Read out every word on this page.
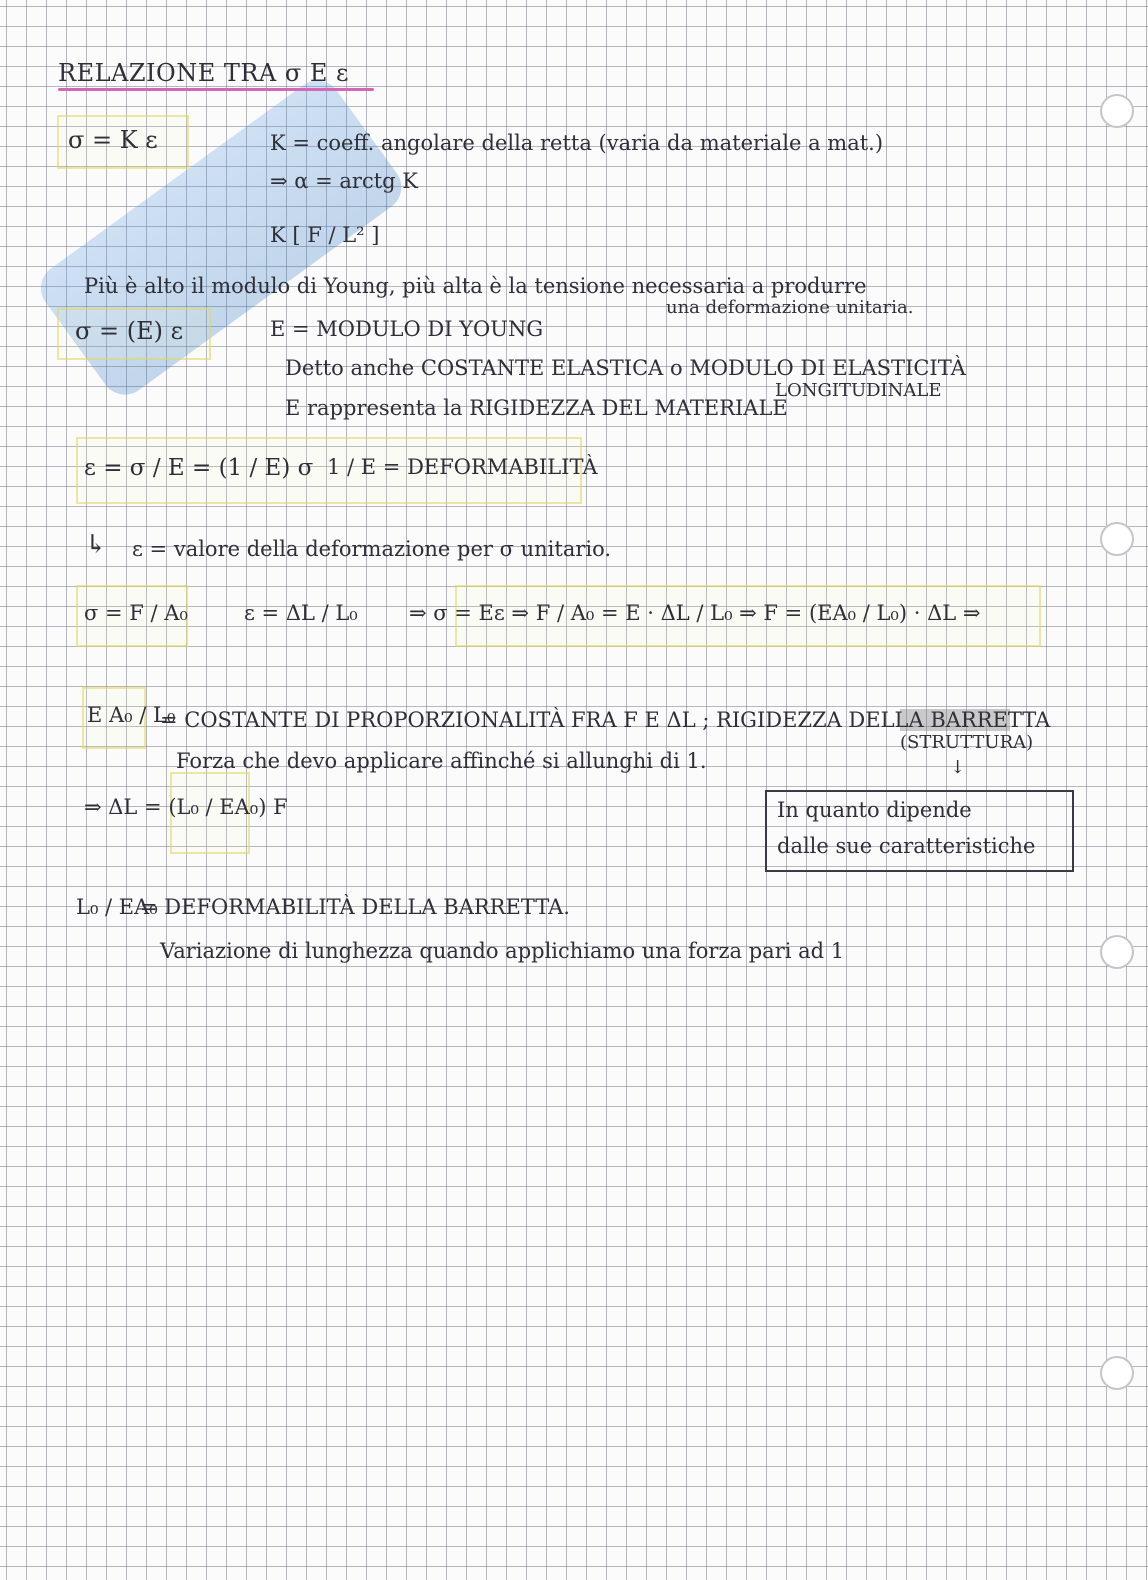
RELAZIONE TRA σ E ε
σ = K ε	K = coeff. angolare della retta (varia da materiale a mat.)
⇒ α = arctg K
K [ F / L² ]
Più è alto il modulo di Young, più alta è la tensione necessaria a produrre
una deformazione unitaria.
σ = (E) ε	E = MODULO DI YOUNG
Detto anche COSTANTE ELASTICA o MODULO DI ELASTICITÀ
LONGITUDINALE
E rappresenta la RIGIDEZZA DEL MATERIALE
ε = σ / E = (1 / E) σ 1 / E = DEFORMABILITÀ
↳ ε = valore della deformazione per σ unitario.
σ = F / A₀	ε = ΔL / L₀ ⇒ σ = Eε ⇒ F / A₀ = E · ΔL / L₀ ⇒ F = (EA₀ / L₀) · ΔL ⇒
E A₀ / L₀
= COSTANTE DI PROPORZIONALITÀ FRA F E ΔL ; RIGIDEZZA DELLA BARRETTA
(STRUTTURA)
↓
Forza che devo applicare affinché si allunghi di 1.
⇒ ΔL = (L₀ / EA₀) F	In quanto dipende
dalle sue caratteristiche
L₀ / EA₀
= DEFORMABILITÀ DELLA BARRETTA.
Variazione di lunghezza quando applichiamo una forza pari ad 1
